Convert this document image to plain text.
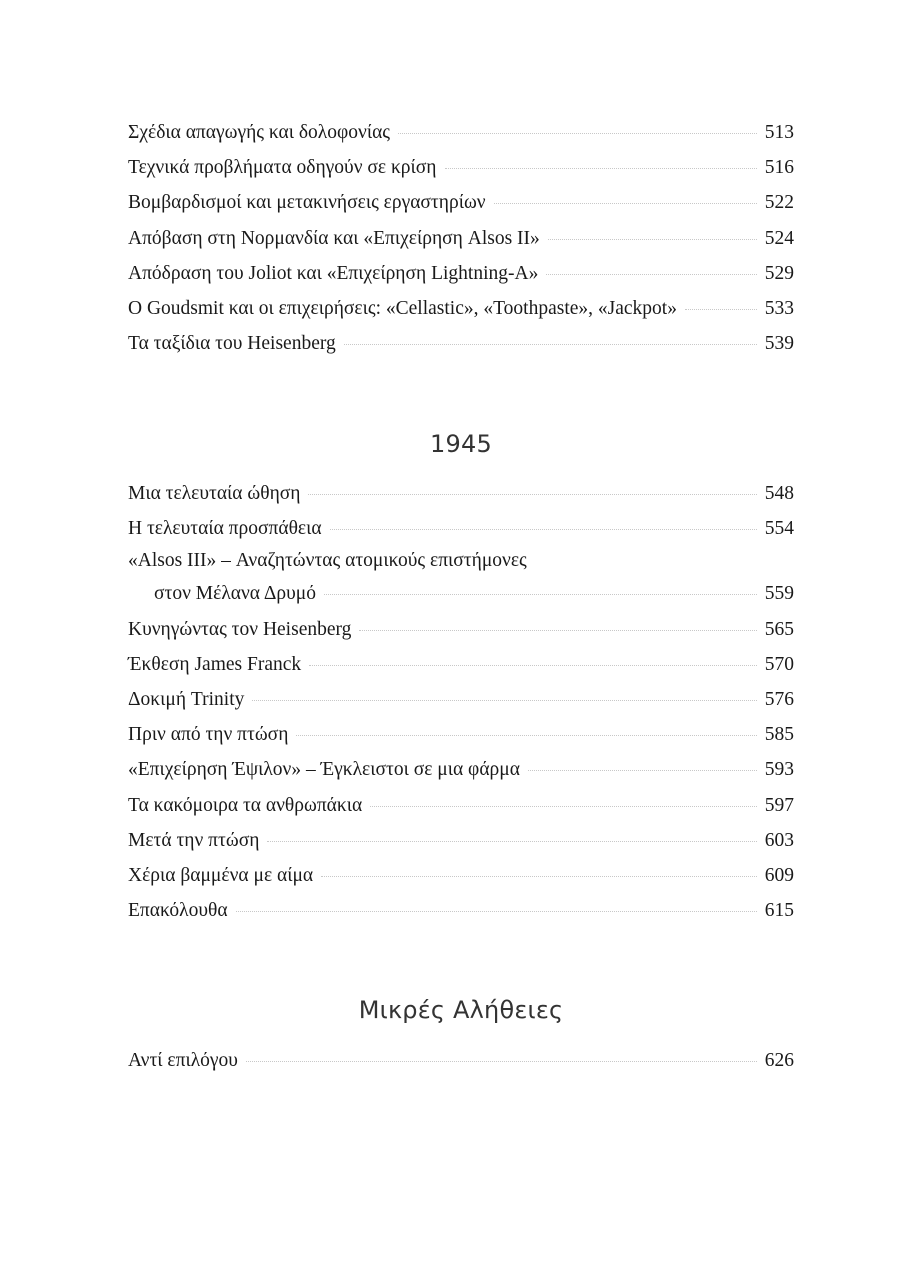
Σχέδια απαγωγής και δολοφονίας	513
Τεχνικά προβλήματα οδηγούν σε κρίση	516
Βομβαρδισμοί και μετακινήσεις εργαστηρίων	522
Απόβαση στη Νορμανδία και «Επιχείρηση Alsos II»	524
Απόδραση του Joliot και «Επιχείρηση Lightning-A»	529
O Goudsmit και οι επιχειρήσεις: «Cellastic», «Toothpaste», «Jackpot»	533
Τα ταξίδια του Heisenberg	539
1945
Μια τελευταία ώθηση	548
Η τελευταία προσπάθεια	554
«Alsos III» – Αναζητώντας ατομικούς επιστήμονες
στον Μέλανα Δρυμό	559
Κυνηγώντας τον Heisenberg	565
Έκθεση James Franck	570
Δοκιμή Trinity	576
Πριν από την πτώση	585
«Επιχείρηση Έψιλον» – Έγκλειστοι σε μια φάρμα	593
Τα κακόμοιρα τα ανθρωπάκια	597
Μετά την πτώση	603
Χέρια βαμμένα με αίμα	609
Επακόλουθα	615
Μικρές Αλήθειες
Αντί επιλόγου	626
